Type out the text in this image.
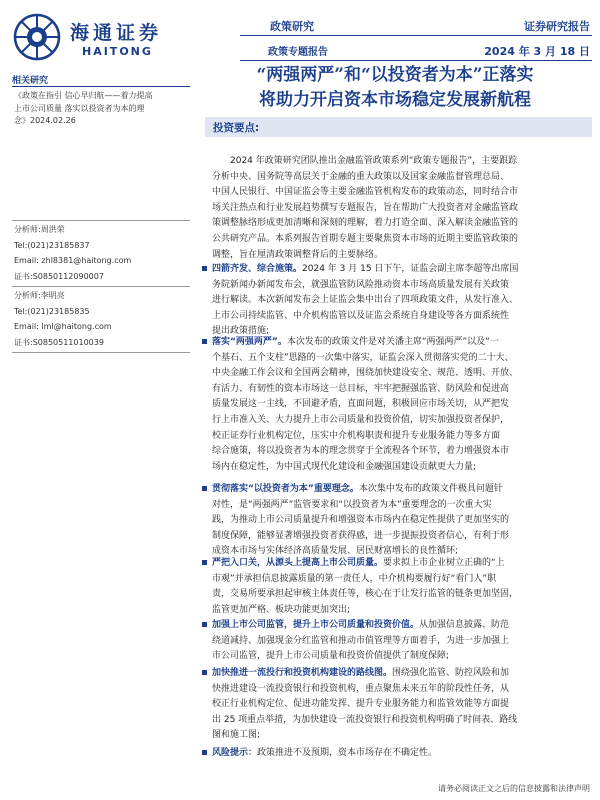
海通证券
HAITONG
政策研究
政策专题报告
证券研究报告
2024 年 3 月 18 日
相关研究
《政策在指引 信心早归航——着力提高
上市公司质量 落实以投资者为本的理
念》2024.02.26
分析师:周洪荣
Tel:(021)23185837
Email: zhl8381@haitong.com
证书:S0850112090007
分析师:李明亮
Tel:(021)23185835
Email: lml@haitong.com
证书:S0850511010039
“两强两严”和“以投资者为本”正落实
将助力开启资本市场稳定发展新航程
投资要点:
2024 年政策研究团队推出金融监管政策系列“政策专题报告”，主要跟踪
分析中央、国务院等高层关于金融的重大政策以及国家金融监督管理总局、
中国人民银行、中国证监会等主要金融监管机构发布的政策动态，同时结合市
场关注热点和行业发展趋势撰写专题报告，旨在帮助广大投资者对金融监管政
策调整脉络形成更加清晰和深刻的理解，着力打造全面、深入解读金融监管的
公共研究产品。本系列报告首期专题主要聚焦资本市场的近期主要监管政策的
调整，旨在厘清政策调整背后的主要脉络。
四箭齐发、综合施策。2024 年 3 月 15 日下午，证监会副主席李超等出席国
务院新闻办新闻发布会，就强监管防风险推动资本市场高质量发展有关政策
进行解读。本次新闻发布会上证监会集中出台了四项政策文件，从发行准入、
上市公司持续监管、中介机构监管以及证监会系统自身建设等各方面系统性
提出政策措施;
落实“两强两严”。本次发布的政策文件是对关潘主席“两强两严”以及“一
个基石、五个支柱”思路的一次集中落实，证监会深入贯彻落实党的二十大、
中央金融工作会议和全国两会精神，围绕加快建设安全、规范、透明、开放、
有活力、有韧性的资本市场这一总目标，牢牢把握强监管、防风险和促进高
质量发展这一主线，不回避矛盾，直面问题，积极回应市场关切，从严把发
行上市准入关、大力提升上市公司质量和投资价值，切实加强投资者保护，
校正证券行业机构定位，压实中介机构职责和提升专业服务能力等多方面
综合施策，将以投资者为本的理念贯穿于全流程各个环节，着力增强资本市
场内在稳定性，为中国式现代化建设和金融强国建设贡献更大力量;
贯彻落实“以投资者为本”重要理念。本次集中发布的政策文件极具问题针
对性，是“两强两严”监管要求和“以投资者为本”重要理念的一次重大实
践，为推动上市公司质量提升和增强资本市场内在稳定性提供了更加坚实的
制度保障，能够显著增强投资者获得感，进一步提振投资者信心，有利于形
成资本市场与实体经济高质量发展、居民财富增长的良性循环;
严把入口关，从源头上提高上市公司质量。要求拟上市企业树立正确的“上
市观”并承担信息披露质量的第一责任人，中介机构要履行好“看门人”职
责，交易所要承担起审核主体责任等，核心在于让发行监管的链条更加坚固，
监管更加严格、板块功能更加突出;
加强上市公司监管，提升上市公司质量和投资价值。从加强信息披露、防范
绕道减持、加强现金分红监管和推动市值管理等方面着手，为进一步加强上
市公司监管，提升上市公司质量和投资价值提供了制度保障;
加快推进一流投行和投资机构建设的路线图。围绕强化监管、防控风险和加
快推进建设一流投资银行和投资机构，重点聚焦未来五年的阶段性任务，从
校正行业机构定位、促进功能发挥、提升专业服务能力和监管效能等方面提
出 25 项重点举措，为加快建设一流投资银行和投资机构明确了时间表、路线
图和施工图;
风险提示：政策推进不及预期，资本市场存在不确定性。
请务必阅读正文之后的信息披露和法律声明
